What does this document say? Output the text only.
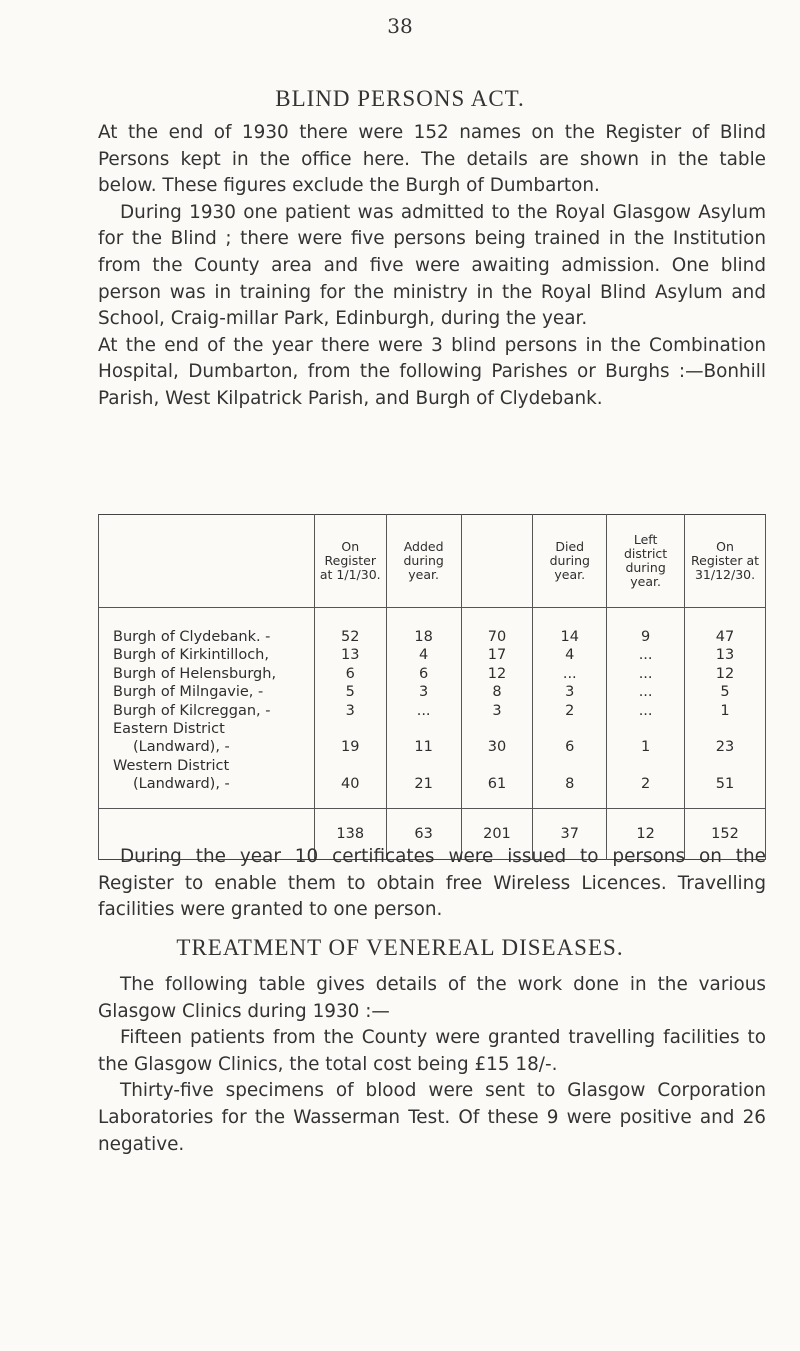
38
BLIND PERSONS ACT.
At the end of 1930 there were 152 names on the Register of Blind Persons kept in the office here. The details are shown in the table below. These figures exclude the Burgh of Dumbarton.
During 1930 one patient was admitted to the Royal Glasgow Asylum for the Blind ; there were five persons being trained in the Institution from the County area and five were awaiting admission. One blind person was in training for the ministry in the Royal Blind Asylum and School, Craig-millar Park, Edinburgh, during the year.
At the end of the year there were 3 blind persons in the Combination Hospital, Dumbarton, from the following Parishes or Burghs :—Bonhill Parish, West Kilpatrick Parish, and Burgh of Clydebank.
	On Register at 1/1/30.	Added during year.		Died during year.	Left district during year.	On Register at 31/12/30.
Burgh of Clydebank. -	52	18	70	14	9	47
Burgh of Kirkintilloch,	13	4	17	4	...	13
Burgh of Helensburgh,	6	6	12	...	...	12
Burgh of Milngavie, -	5	3	8	3	...	5
Burgh of Kilcreggan, -	3	...	3	2	...	1
Eastern District						
(Landward), -	19	11	30	6	1	23
Western District						
(Landward), -	40	21	61	8	2	51
	138	63	201	37	12	152
During the year 10 certificates were issued to persons on the Register to enable them to obtain free Wireless Licences. Travelling facilities were granted to one person.
TREATMENT OF VENEREAL DISEASES.
The following table gives details of the work done in the various Glasgow Clinics during 1930 :—
Fifteen patients from the County were granted travelling facilities to the Glasgow Clinics, the total cost being £15 18/-.
Thirty-five specimens of blood were sent to Glasgow Corporation Laboratories for the Wasserman Test. Of these 9 were positive and 26 negative.
